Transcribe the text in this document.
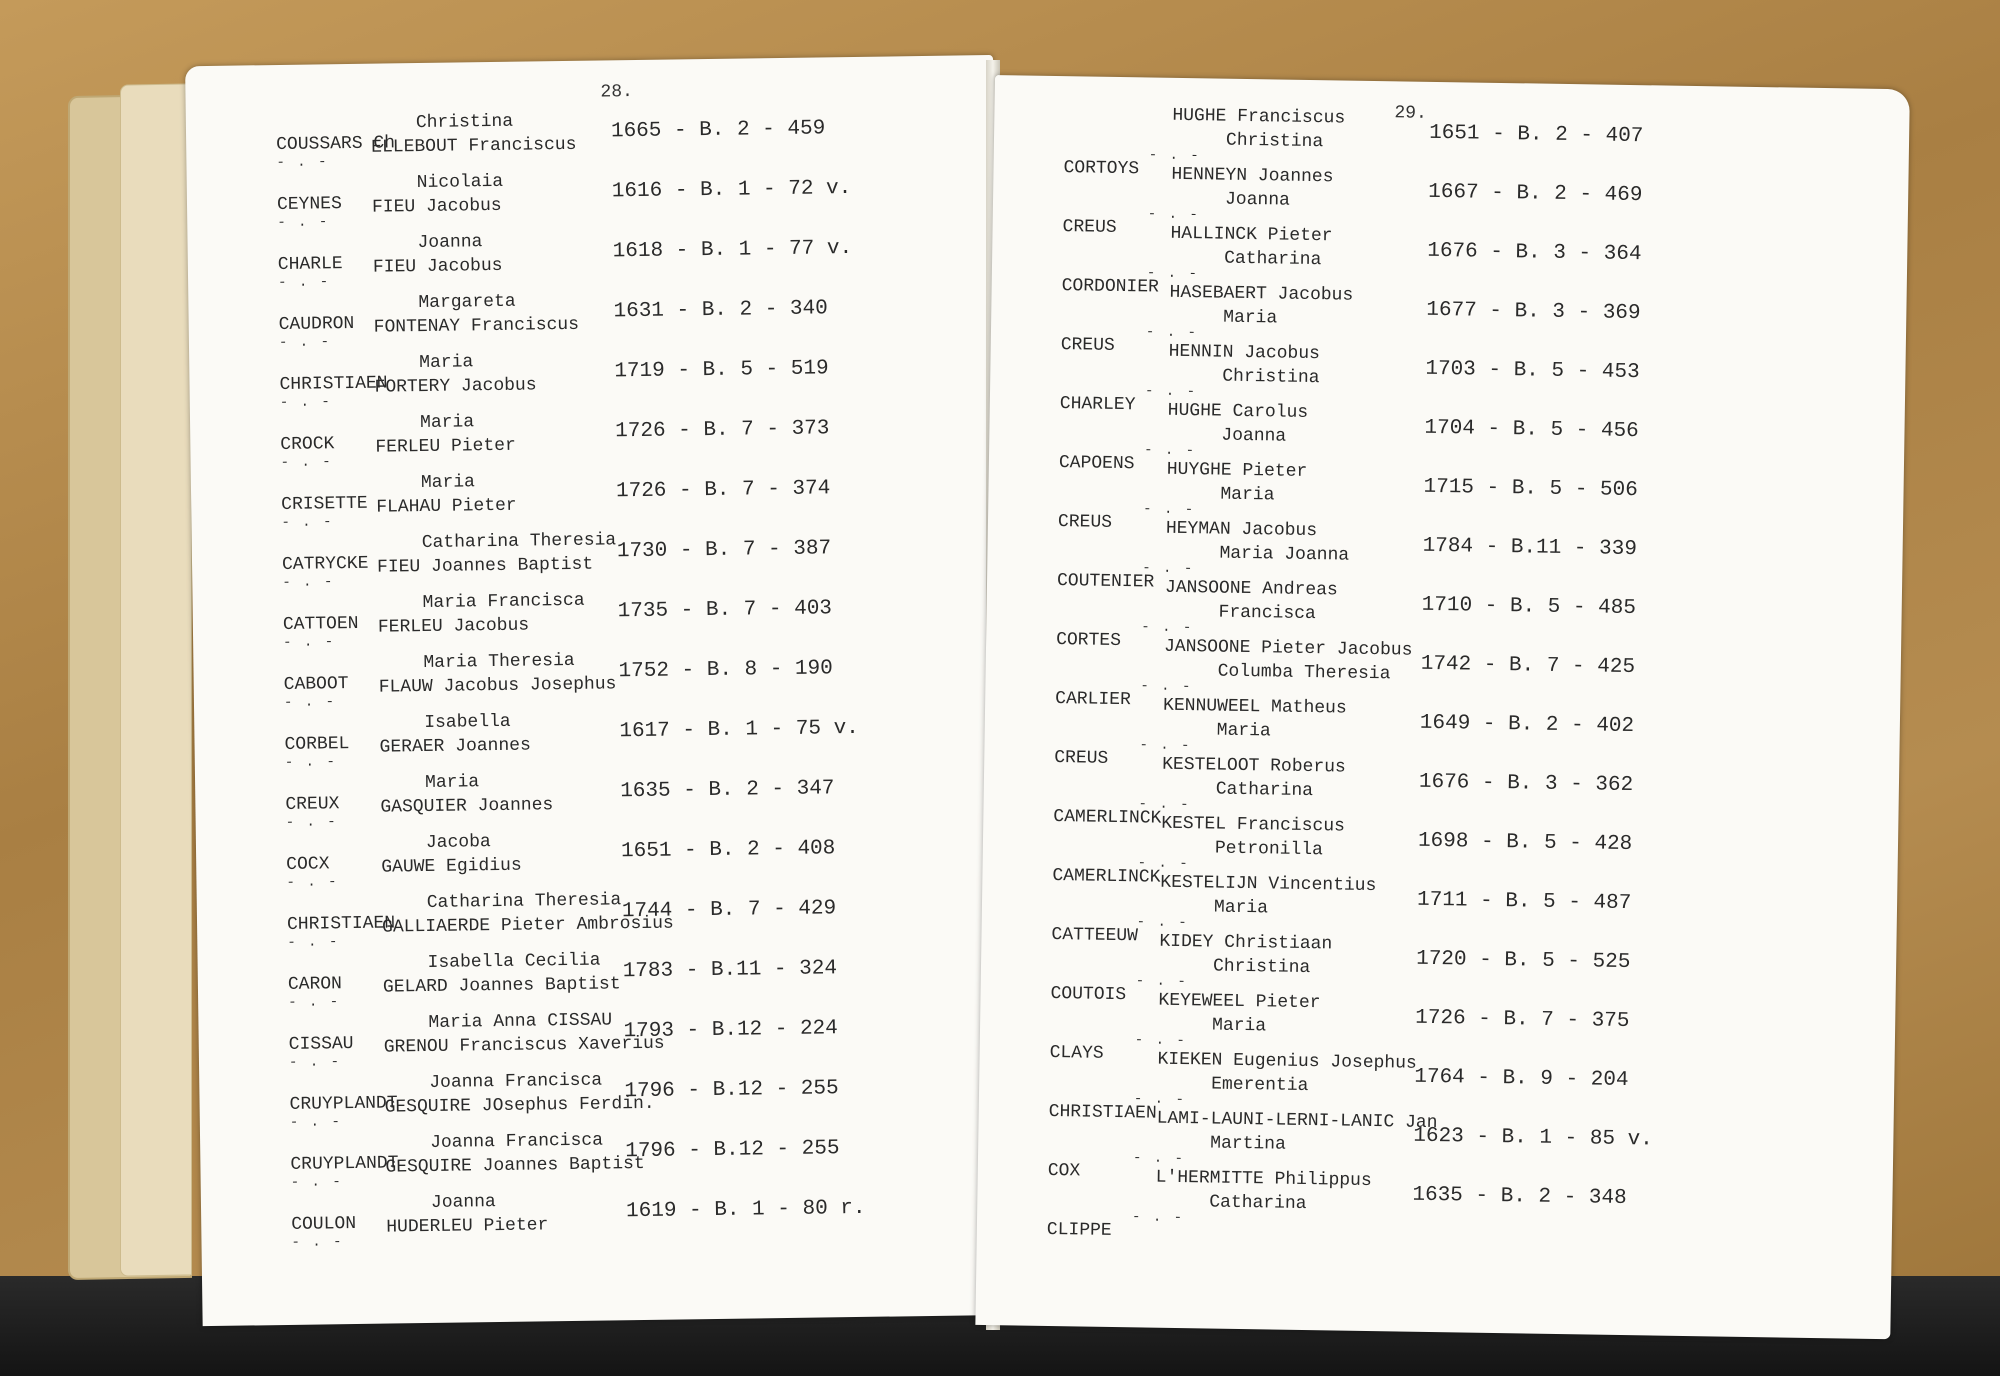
28.
COUSSARS Ch
Christina
ELLEBOUT Franciscus
1665 - B. 2 - 459
- . -
CEYNES
Nicolaia
FIEU Jacobus
1616 - B. 1 - 72 v.
- . -
CHARLE
Joanna
FIEU Jacobus
1618 - B. 1 - 77 v.
- . -
CAUDRON
Margareta
FONTENAY Franciscus
1631 - B. 2 - 340
- . -
CHRISTIAEN
Maria
FORTERY Jacobus
1719 - B. 5 - 519
- . -
CROCK
Maria
FERLEU Pieter
1726 - B. 7 - 373
- . -
CRISETTE
Maria
FLAHAU Pieter
1726 - B. 7 - 374
- . -
CATRYCKE
Catharina Theresia
FIEU Joannes Baptist
1730 - B. 7 - 387
- . -
CATTOEN
Maria Francisca
FERLEU Jacobus
1735 - B. 7 - 403
- . -
CABOOT
Maria Theresia
FLAUW Jacobus Josephus
1752 - B. 8 - 190
- . -
CORBEL
Isabella
GERAER Joannes
1617 - B. 1 - 75 v.
- . -
CREUX
Maria
GASQUIER Joannes
1635 - B. 2 - 347
- . -
COCX
Jacoba
GAUWE Egidius
1651 - B. 2 - 408
- . -
CHRISTIAEN
Catharina Theresia
GALLIAERDE Pieter Ambrosius
1744 - B. 7 - 429
- . -
CARON
Isabella Cecilia
GELARD Joannes Baptist
1783 - B.11 - 324
- . -
CISSAU
Maria Anna CISSAU
GRENOU Franciscus Xaverius
1793 - B.12 - 224
- . -
CRUYPLANDT
Joanna Francisca
GESQUIRE JOsephus Ferdin.
1796 - B.12 - 255
- . -
CRUYPLANDT
Joanna Francisca
GESQUIRE Joannes Baptist
1796 - B.12 - 255
- . -
COULON
Joanna
HUDERLEU Pieter
1619 - B. 1 - 80 r.
- . -
29.
CORTOYS
Christina
HUGHE Franciscus
1651 - B. 2 - 407
- . -
CREUS
Joanna
HENNEYN Joannes
1667 - B. 2 - 469
- . -
CORDONIER
Catharina
HALLINCK Pieter
1676 - B. 3 - 364
- . -
CREUS
Maria
HASEBAERT Jacobus
1677 - B. 3 - 369
- . -
CHARLEY
Christina
HENNIN Jacobus
1703 - B. 5 - 453
- . -
CAPOENS
Joanna
HUGHE Carolus
1704 - B. 5 - 456
- . -
CREUS
Maria
HUYGHE Pieter
1715 - B. 5 - 506
- . -
COUTENIER
Maria Joanna
HEYMAN Jacobus
1784 - B.11 - 339
- . -
CORTES
Francisca
JANSOONE Andreas
1710 - B. 5 - 485
- . -
CARLIER
Columba Theresia
JANSOONE Pieter Jacobus
1742 - B. 7 - 425
- . -
CREUS
Maria
KENNUWEEL Matheus
1649 - B. 2 - 402
- . -
CAMERLINCK
Catharina
KESTELOOT Roberus
1676 - B. 3 - 362
- . -
CAMERLINCK
Petronilla
KESTEL Franciscus
1698 - B. 5 - 428
- . -
CATTEEUW
Maria
KESTELIJN Vincentius
1711 - B. 5 - 487
- . -
COUTOIS
Christina
KIDEY Christiaan
1720 - B. 5 - 525
- . -
CLAYS
Maria
KEYEWEEL Pieter
1726 - B. 7 - 375
- . -
CHRISTIAEN
Emerentia
KIEKEN Eugenius Josephus
1764 - B. 9 - 204
- . -
COX
Martina
LAMI-LAUNI-LERNI-LANIC Jan
1623 - B. 1 - 85 v.
- . -
CLIPPE
Catharina
L'HERMITTE Philippus
1635 - B. 2 - 348
- . -
